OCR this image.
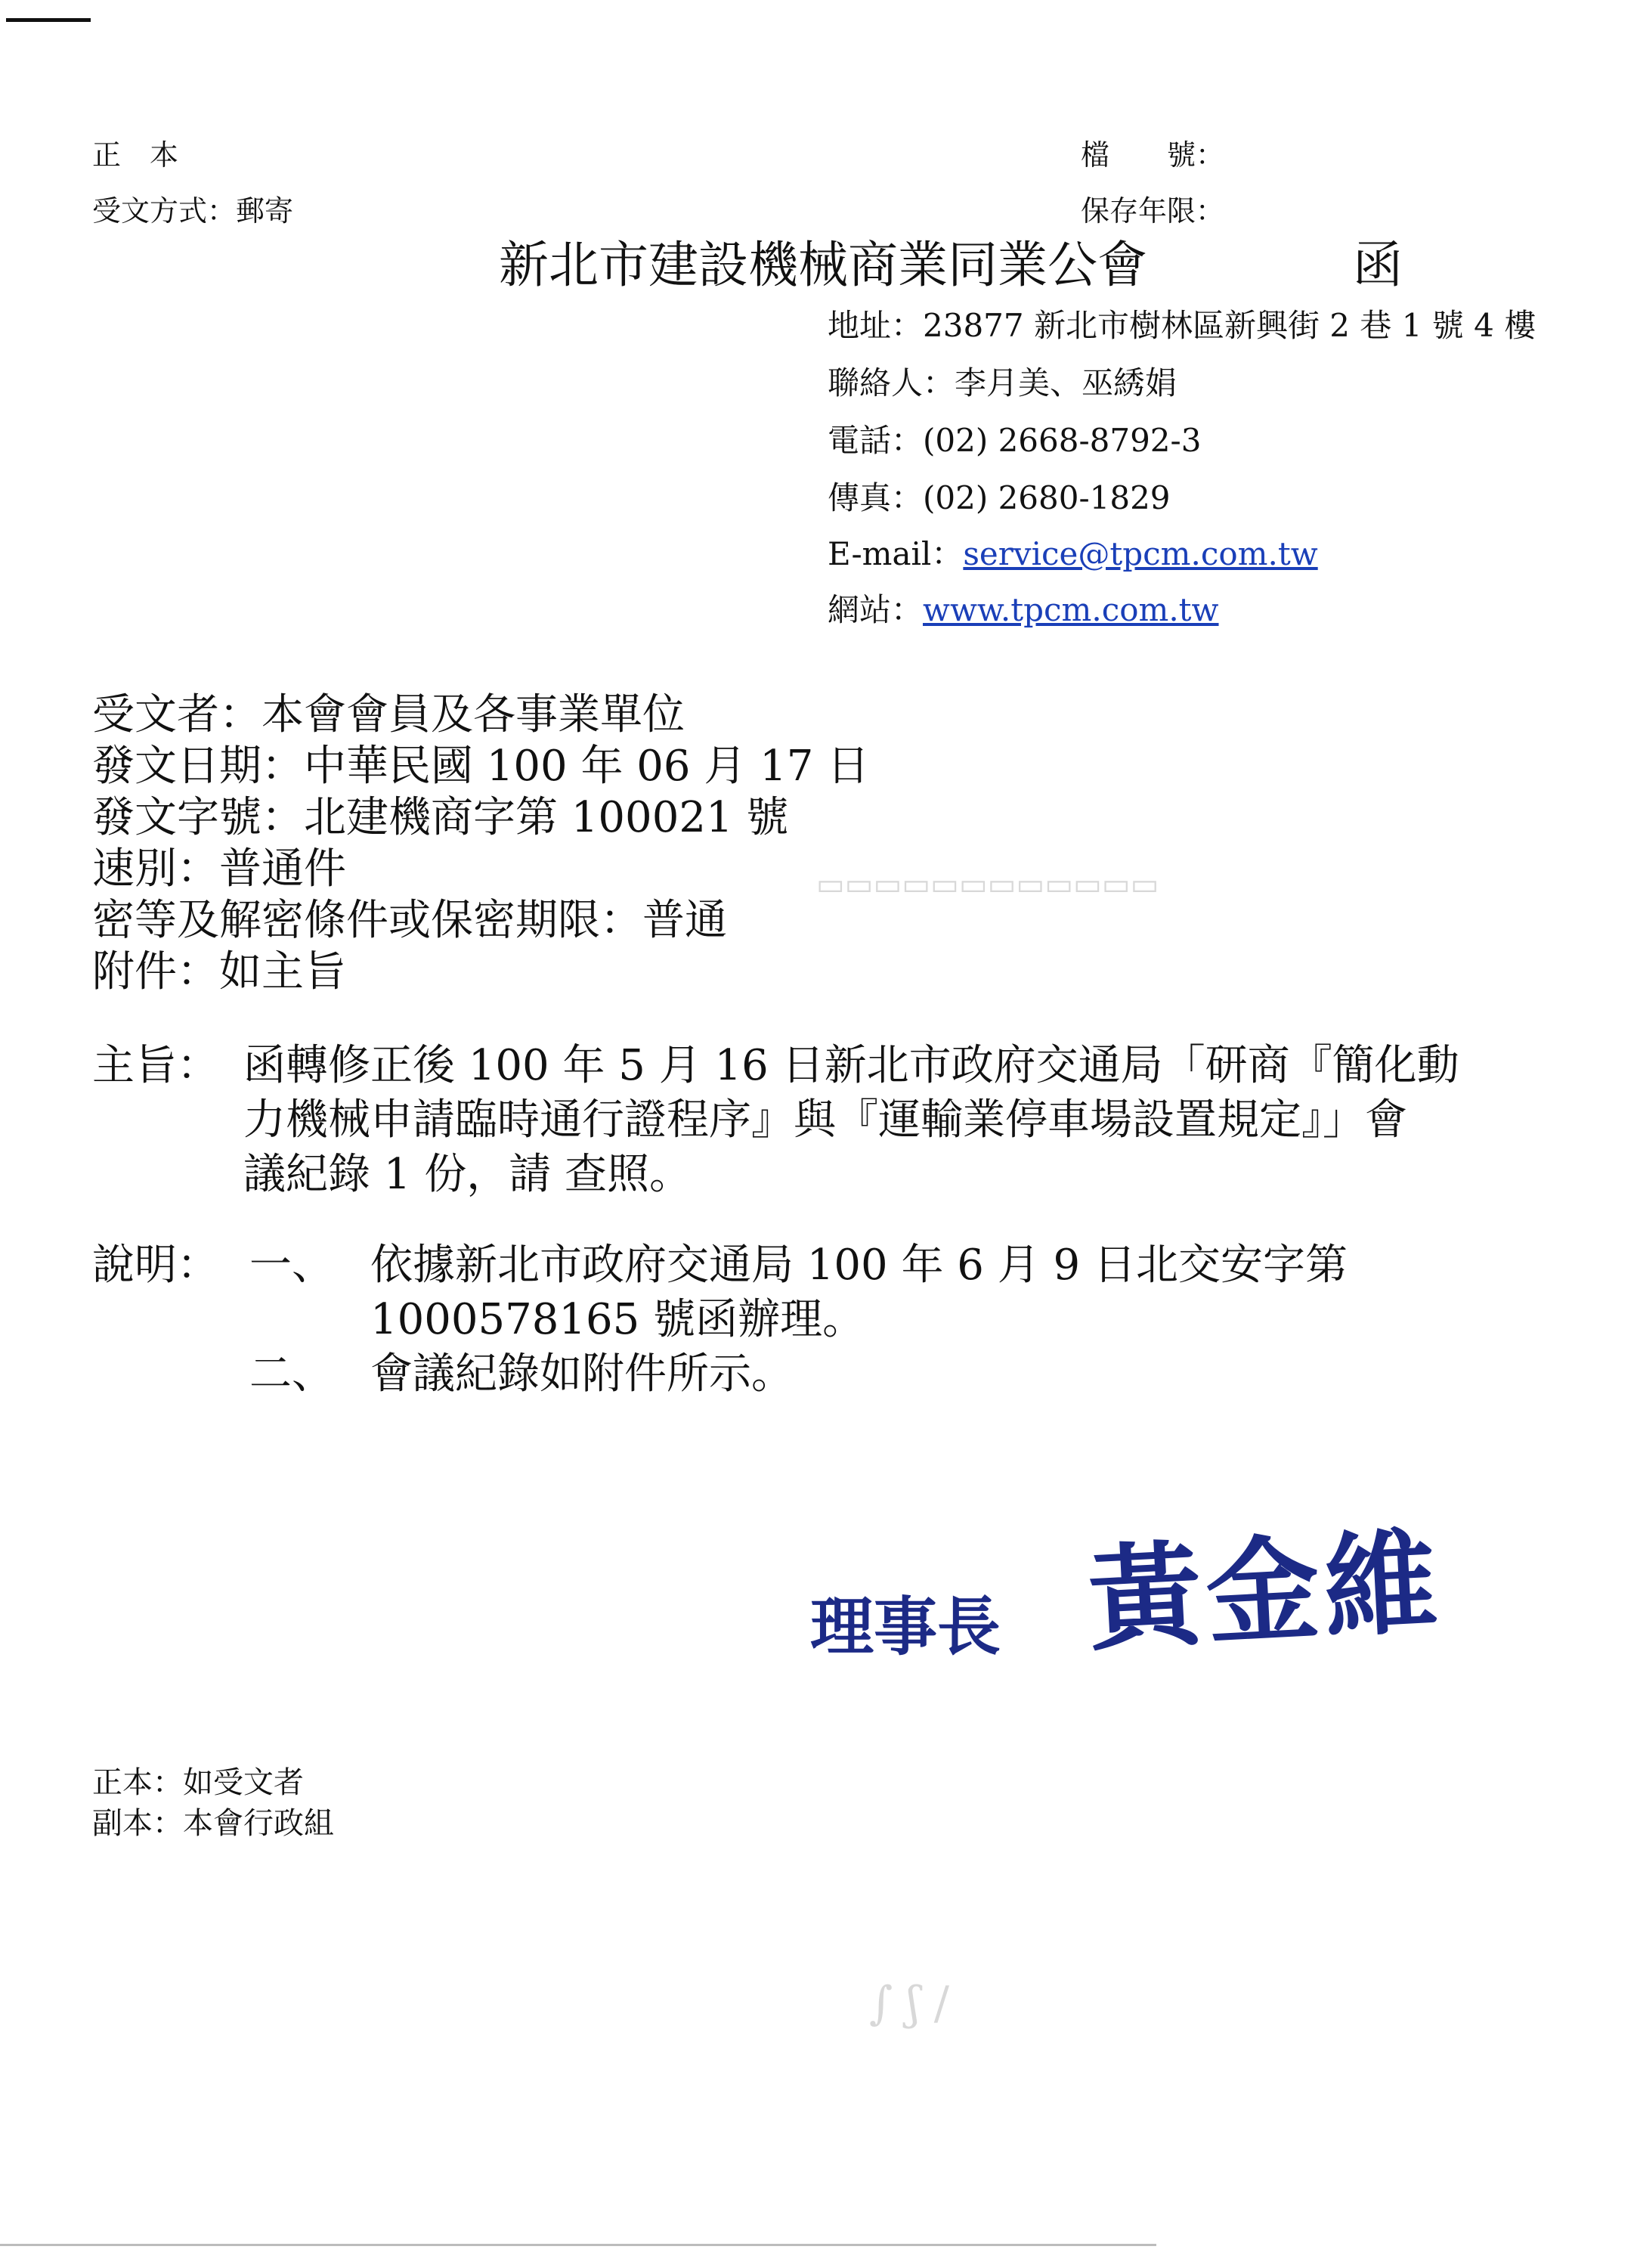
▭▭▭▭▭▭▭▭▭▭▭▭
∫ ʃ ∕
正　本	檔　　號：
受文方式：郵寄	保存年限：
新北市建設機械商業同業公會	函
地址：23877 新北市樹林區新興街 2 巷 1 號 4 樓
聯絡人：李月美、巫綉娟
電話：(02) 2668-8792-3
傳真：(02) 2680-1829
E-mail：service@tpcm.com.tw
網站：www.tpcm.com.tw
受文者：本會會員及各事業單位
發文日期：中華民國 100 年 06 月 17 日
發文字號：北建機商字第 100021 號
速別：普通件
密等及解密條件或保密期限：普通
附件：如主旨
主旨： 函轉修正後 100 年 5 月 16 日新北市政府交通局「研商『簡化動
力機械申請臨時通行證程序』與『運輸業停車場設置規定』」會
議紀錄 1 份，請 查照。
說明： 一、 依據新北市政府交通局 100 年 6 月 9 日北交安字第
1000578165 號函辦理。
二、 會議紀錄如附件所示。
理事長 黃金維
正本：如受文者
副本：本會行政組
